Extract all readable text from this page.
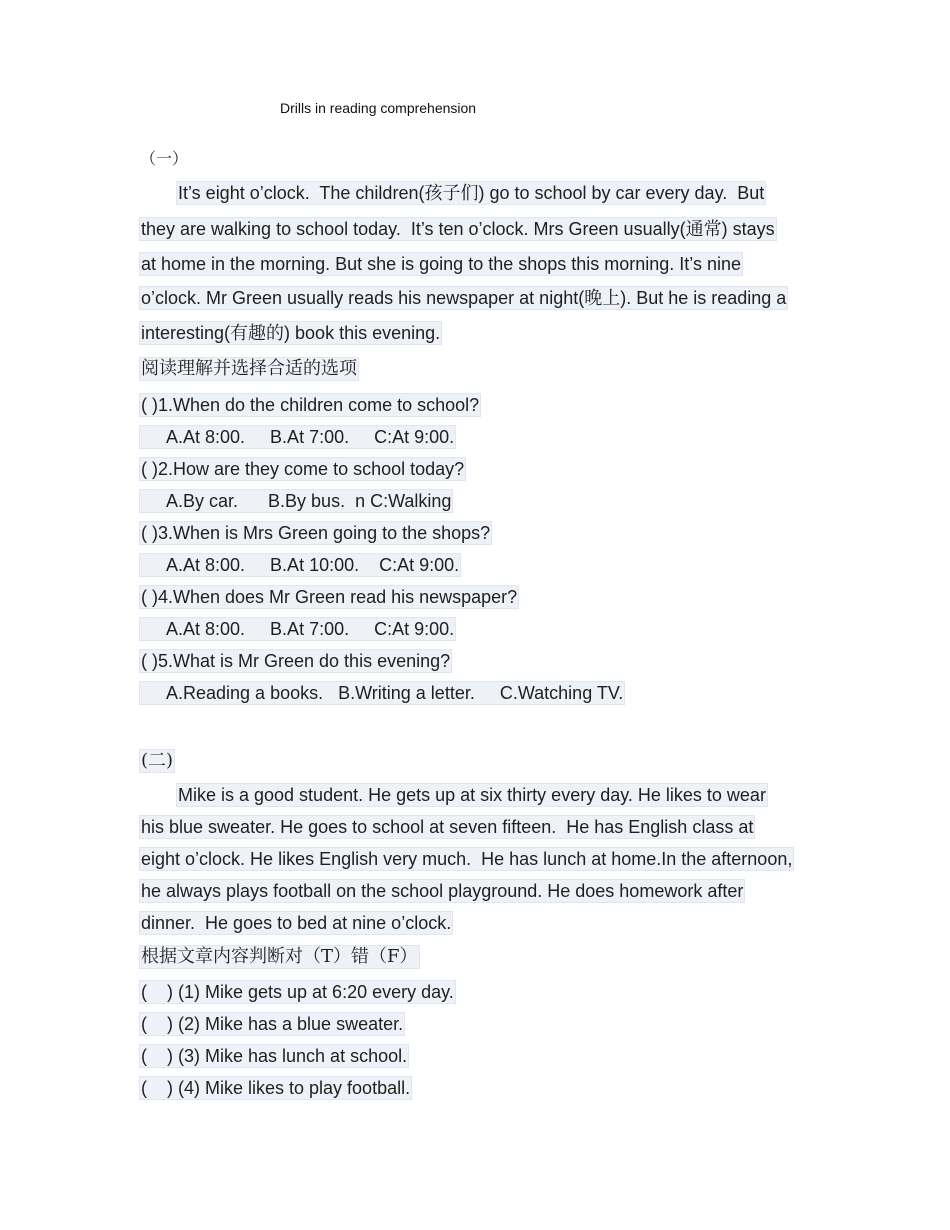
Drills in reading comprehension
（一）
It’s eight o’clock.  The children(孩子们) go to school by car every day.  But
they are walking to school today.  It’s ten o’clock. Mrs Green usually(通常) stays
at home in the morning. But she is going to the shops this morning. It’s nine
o’clock. Mr Green usually reads his newspaper at night(晚上). But he is reading a
interesting(有趣的) book this evening.
阅读理解并选择合适的选项
( )1.When do the children come to school?
A.At 8:00.     B.At 7:00.     C:At 9:00.
( )2.How are they come to school today?
A.By car.      B.By bus.  n C:Walking
( )3.When is Mrs Green going to the shops?
A.At 8:00.     B.At 10:00.    C:At 9:00.
( )4.When does Mr Green read his newspaper?
A.At 8:00.     B.At 7:00.     C:At 9:00.
( )5.What is Mr Green do this evening?
A.Reading a books.   B.Writing a letter.     C.Watching TV.
(二)
Mike is a good student. He gets up at six thirty every day. He likes to wear
his blue sweater. He goes to school at seven fifteen.  He has English class at
eight o’clock. He likes English very much.  He has lunch at home.In the afternoon,
he always plays football on the school playground. He does homework after
dinner.  He goes to bed at nine o’clock.
根据文章内容判断对（T）错（F）
(    ) (1) Mike gets up at 6:20 every day.
(    ) (2) Mike has a blue sweater.
(    ) (3) Mike has lunch at school.
(    ) (4) Mike likes to play football.
